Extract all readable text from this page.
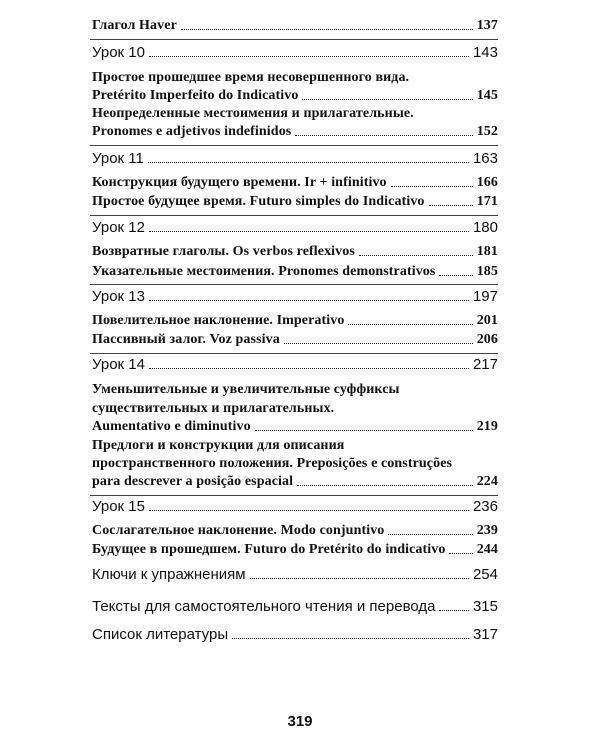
Глагол Haver	137
Урок 10	143
Простое прошедшее время несовершенного вида.
Pretérito Imperfeito do Indicativo	145
Неопределенные местоимения и прилагательные.
Pronomes e adjetivos indefinidos	152
Урок 11	163
Конструкция будущего времени. Ir + infinitivo	166
Простое будущее время. Futuro simples do Indicativo	171
Урок 12	180
Возвратные глаголы. Os verbos reflexivos	181
Указательные местоимения. Pronomes demonstrativos	185
Урок 13	197
Повелительное наклонение. Imperativo	201
Пассивный залог. Voz passiva	206
Урок 14	217
Уменьшительные и увеличительные суффиксы
существительных и прилагательных.
Aumentativo e diminutivo	219
Предлоги и конструкции для описания
пространственного положения. Preposições e construções
para descrever a posição espacial	224
Урок 15	236
Сослагательное наклонение. Modo conjuntivo	239
Будущее в прошедшем. Futuro do Pretérito do indicativo 244
Ключи к упражнениям	254
Тексты для самостоятельного чтения и перевода 315
Список литературы	317
319
